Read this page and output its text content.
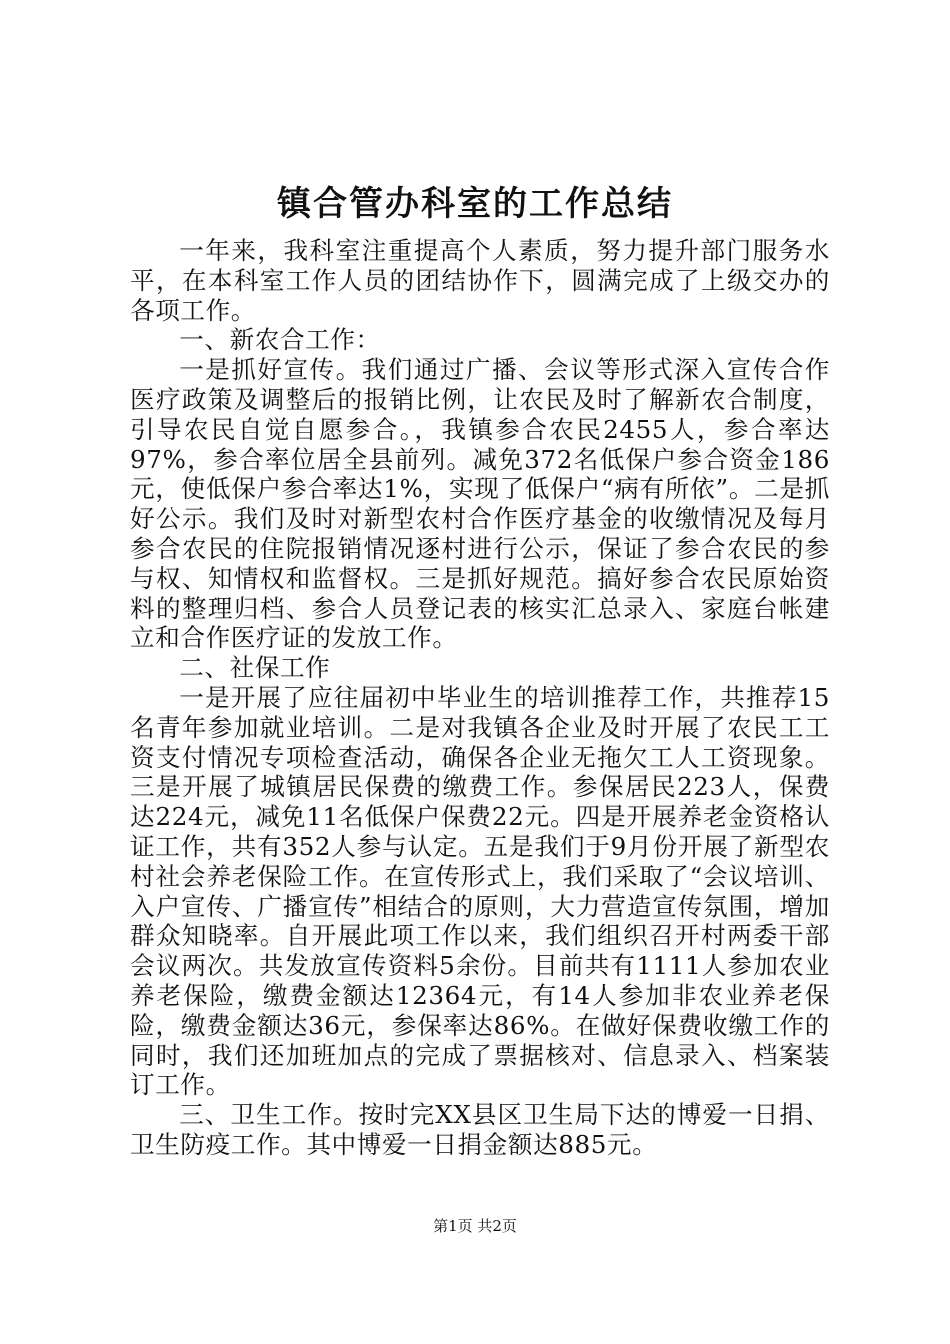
镇合管办科室的工作总结

一年来，我科室注重提高个人素质，努力提升部门服务水平，在本科室工作人员的团结协作下，圆满完成了上级交办的各项工作。

一、新农合工作：

一是抓好宣传。我们通过广播、会议等形式深入宣传合作医疗政策及调整后的报销比例，让农民及时了解新农合制度，引导农民自觉自愿参合。，我镇参合农民2455人，参合率达97%，参合率位居全县前列。减免372名低保户参合资金186元，使低保户参合率达1%，实现了低保户“病有所依”。二是抓好公示。我们及时对新型农村合作医疗基金的收缴情况及每月参合农民的住院报销情况逐村进行公示，保证了参合农民的参与权、知情权和监督权。三是抓好规范。搞好参合农民原始资料的整理归档、参合人员登记表的核实汇总录入、家庭台帐建立和合作医疗证的发放工作。

二、社保工作

一是开展了应往届初中毕业生的培训推荐工作，共推荐15名青年参加就业培训。二是对我镇各企业及时开展了农民工工资支付情况专项检查活动，确保各企业无拖欠工人工资现象。三是开展了城镇居民保费的缴费工作。参保居民223人，保费达224元，减免11名低保户保费22元。四是开展养老金资格认证工作，共有352人参与认定。五是我们于9月份开展了新型农村社会养老保险工作。在宣传形式上，我们采取了“会议培训、入户宣传、广播宣传”相结合的原则，大力营造宣传氛围，增加群众知晓率。自开展此项工作以来，我们组织召开村两委干部会议两次。共发放宣传资料5余份。目前共有1111人参加农业养老保险，缴费金额达12364元，有14人参加非农业养老保险，缴费金额达36元，参保率达86%。在做好保费收缴工作的同时，我们还加班加点的完成了票据核对、信息录入、档案装订工作。

三、卫生工作。按时完XX县区卫生局下达的博爱一日捐、卫生防疫工作。其中博爱一日捐金额达885元。

第1页 共2页
